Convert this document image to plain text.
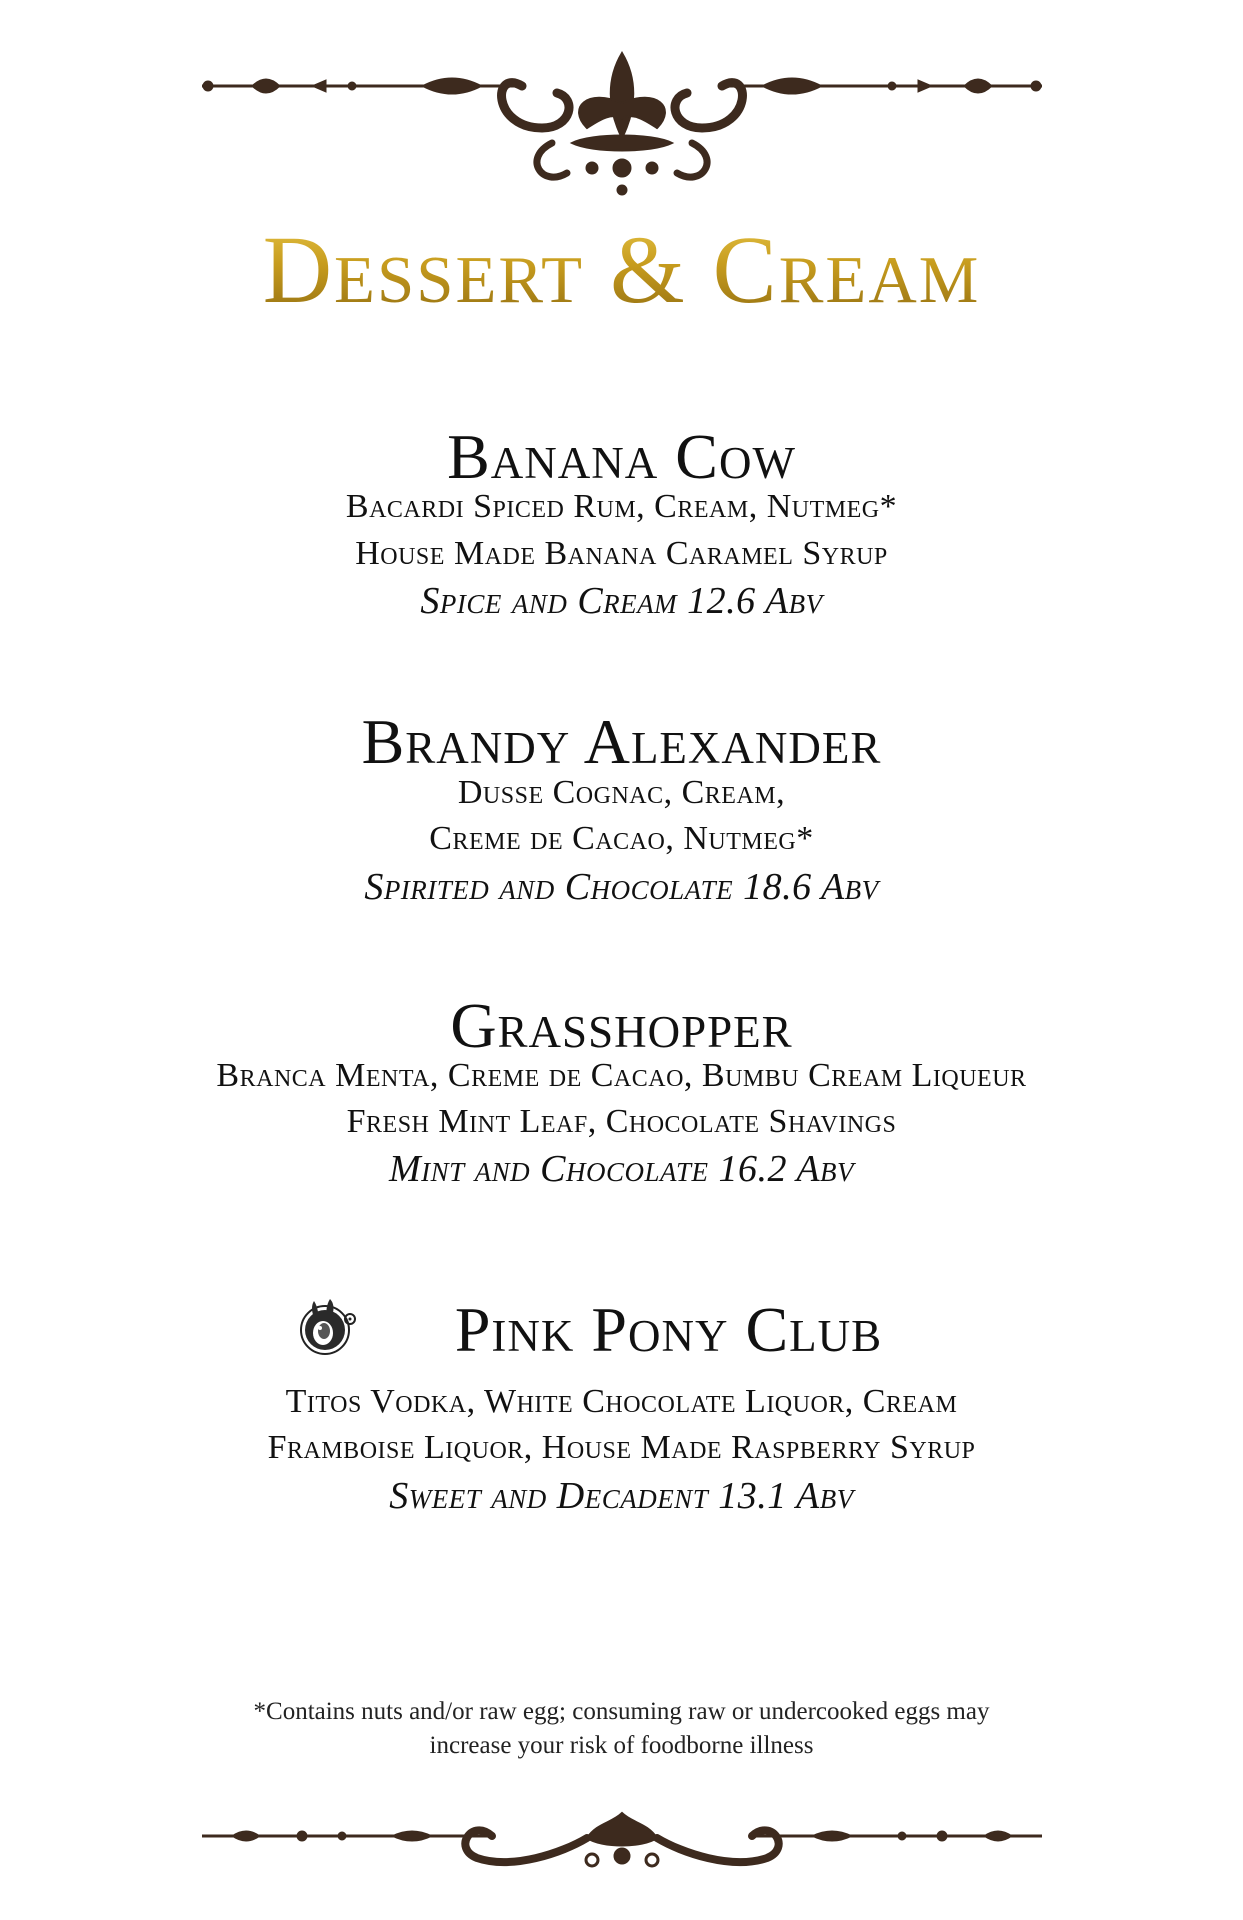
Dessert & Cream
Banana Cow
Bacardi Spiced Rum, Cream, Nutmeg*
House Made Banana Caramel Syrup
Spice and Cream 12.6 Abv
Brandy Alexander
Dusse Cognac, Cream,
Creme de Cacao, Nutmeg*
Spirited and Chocolate 18.6 Abv
Grasshopper
Branca Menta, Creme de Cacao, Bumbu Cream Liqueur
Fresh Mint Leaf, Chocolate Shavings
Mint and Chocolate 16.2 Abv
Pink Pony Club
Titos Vodka, White Chocolate Liquor, Cream
Framboise Liquor, House Made Raspberry Syrup
Sweet and Decadent 13.1 Abv
*Contains nuts and/or raw egg; consuming raw or undercooked eggs may
increase your risk of foodborne illness
